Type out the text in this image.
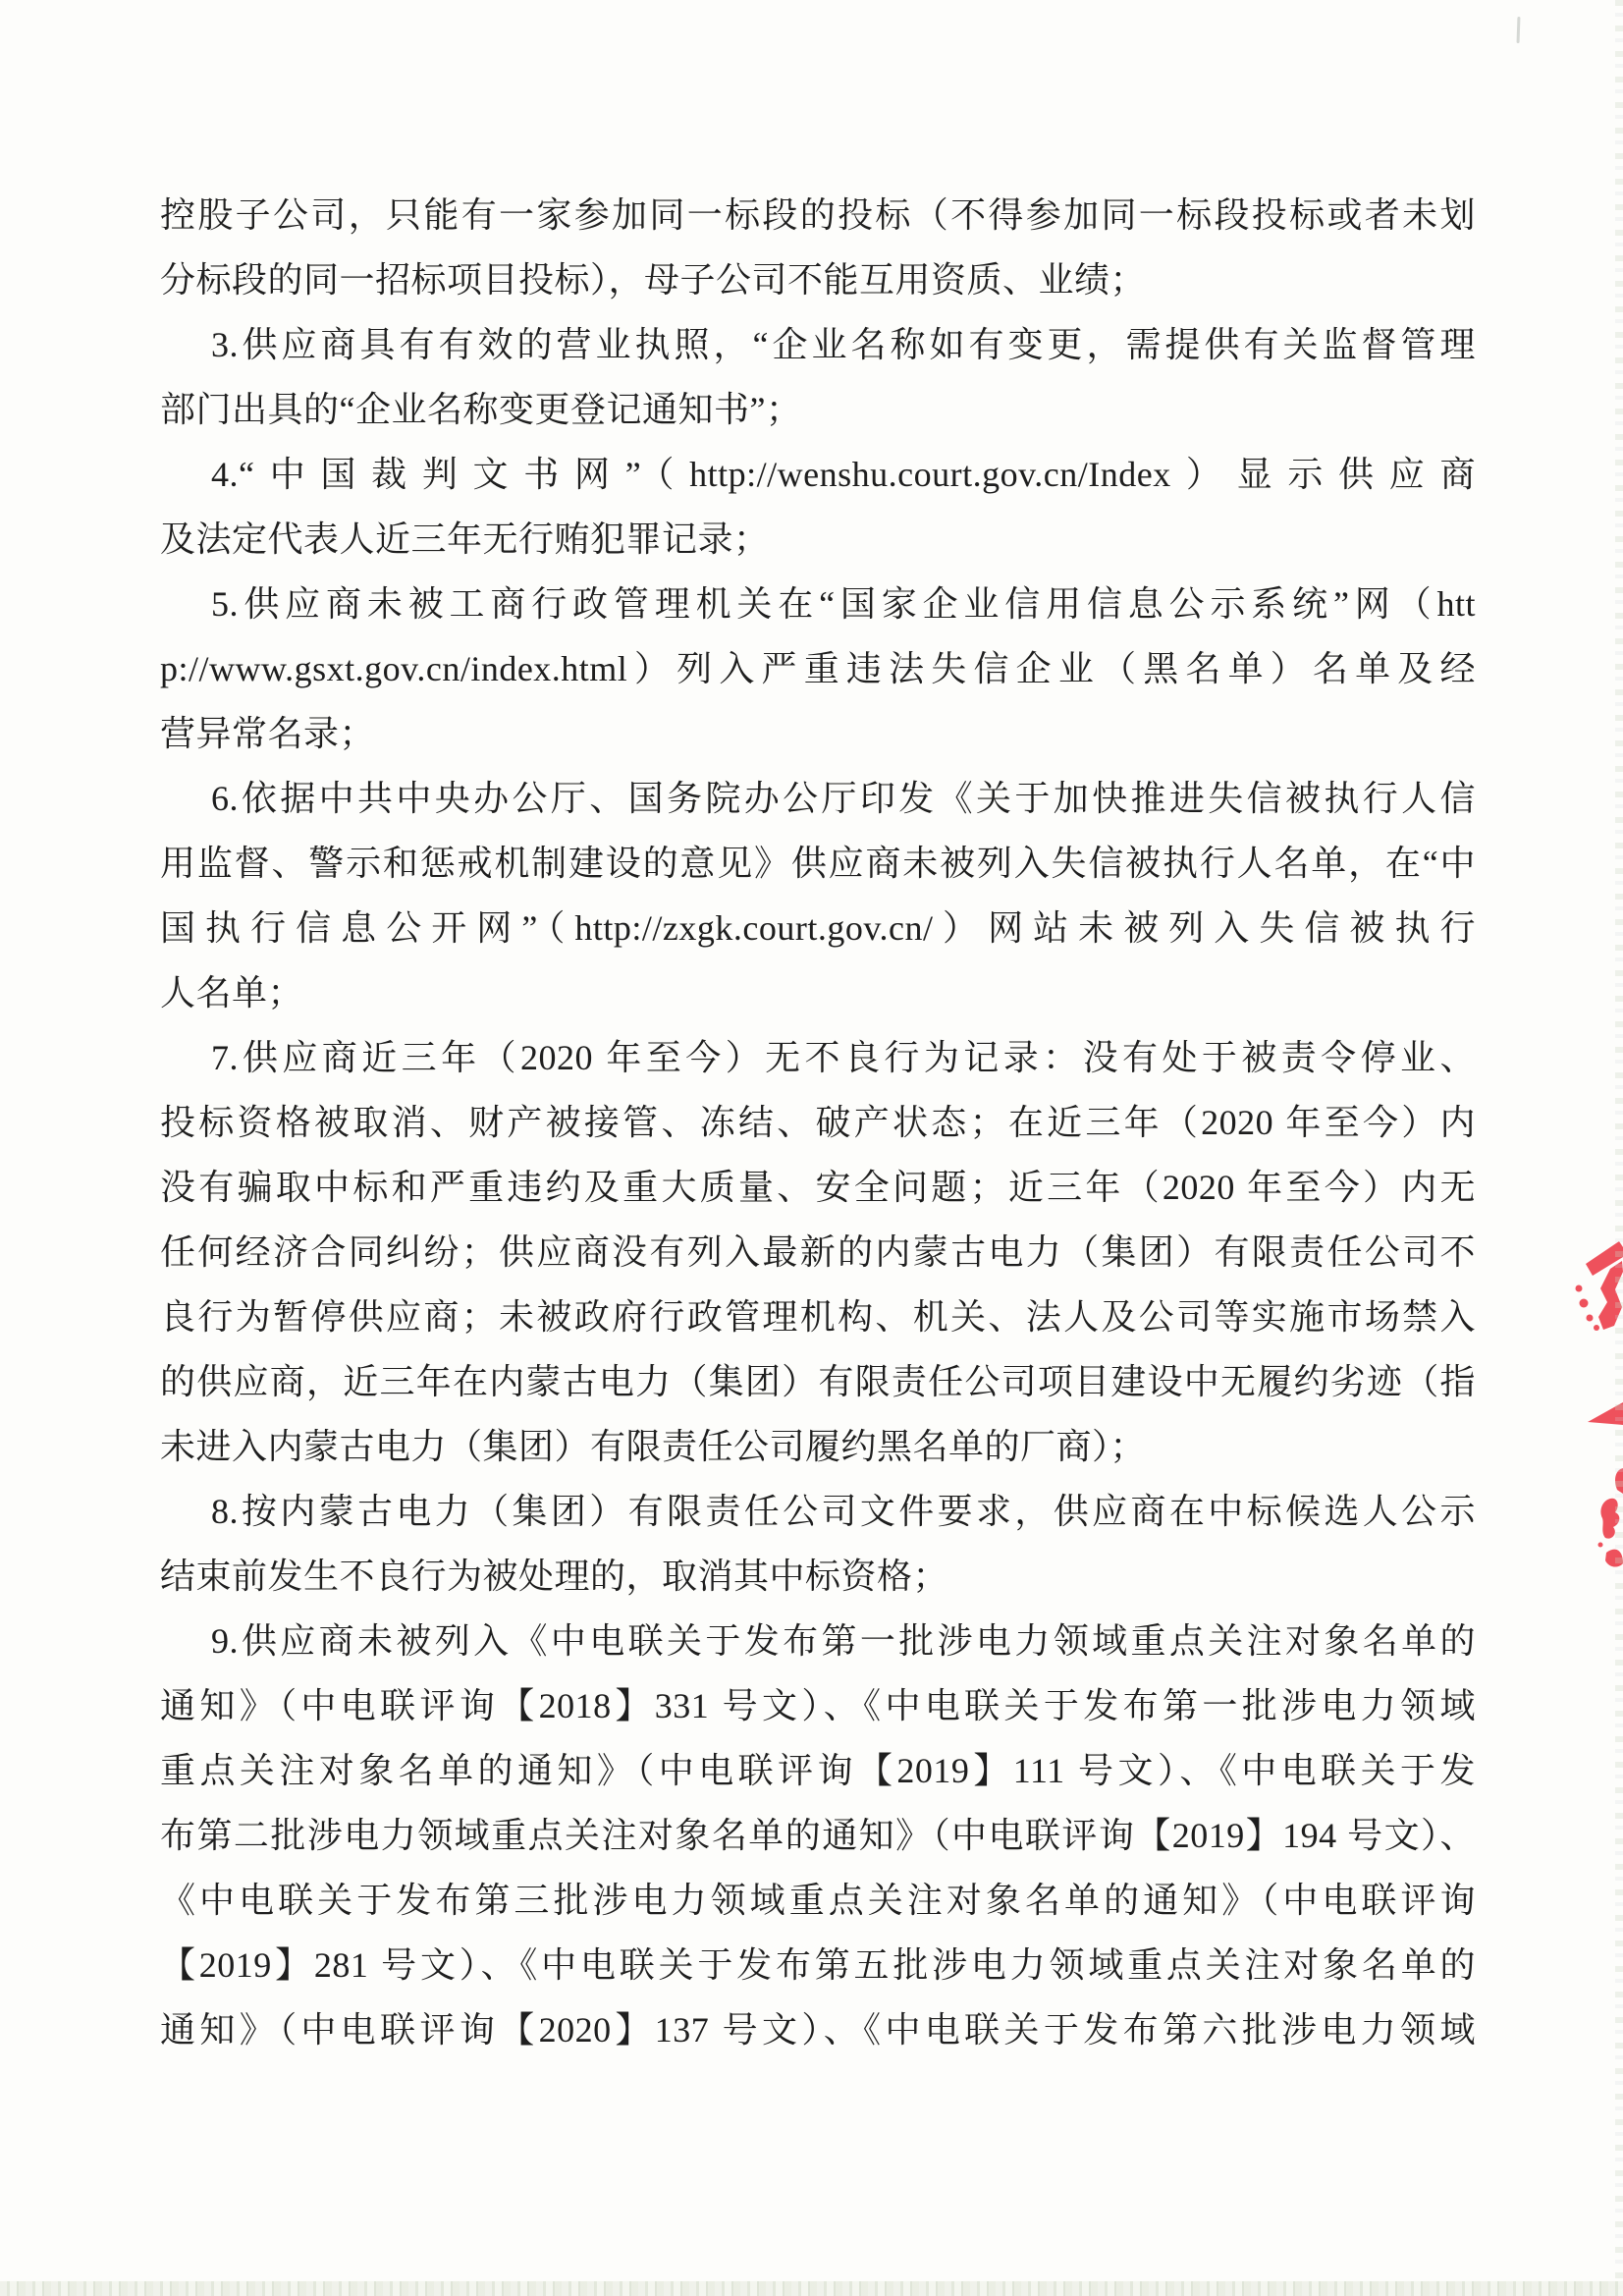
控股子公司，只能有一家参加同一标段的投标（不得参加同一标段投标或者未划
分标段的同一招标项目投标），母子公司不能互用资质、业绩；
3.供应商具有有效的营业执照，“企业名称如有变更，需提供有关监督管理
部门出具的“企业名称变更登记通知书”；
4.“中国裁判文书网”（http://wenshu.court.gov.cn/Index）显示供应商
及法定代表人近三年无行贿犯罪记录；
5.供应商未被工商行政管理机关在“国家企业信用信息公示系统”网（htt
p://www.gsxt.gov.cn/index.html）列入严重违法失信企业（黑名单）名单及经
营异常名录；
6.依据中共中央办公厅、国务院办公厅印发《关于加快推进失信被执行人信
用监督、警示和惩戒机制建设的意见》供应商未被列入失信被执行人名单，在“中
国执行信息公开网”（http://zxgk.court.gov.cn/）网站未被列入失信被执行
人名单；
7.供应商近三年（2020 年至今）无不良行为记录：没有处于被责令停业、
投标资格被取消、财产被接管、冻结、破产状态；在近三年（2020 年至今）内
没有骗取中标和严重违约及重大质量、安全问题；近三年（2020 年至今）内无
任何经济合同纠纷；供应商没有列入最新的内蒙古电力（集团）有限责任公司不
良行为暂停供应商；未被政府行政管理机构、机关、法人及公司等实施市场禁入
的供应商，近三年在内蒙古电力（集团）有限责任公司项目建设中无履约劣迹（指
未进入内蒙古电力（集团）有限责任公司履约黑名单的厂商）；
8.按内蒙古电力（集团）有限责任公司文件要求，供应商在中标候选人公示
结束前发生不良行为被处理的，取消其中标资格；
9.供应商未被列入《中电联关于发布第一批涉电力领域重点关注对象名单的
通知》（中电联评询【2018】331 号文）、《中电联关于发布第一批涉电力领域
重点关注对象名单的通知》（中电联评询【2019】111 号文）、《中电联关于发
布第二批涉电力领域重点关注对象名单的通知》（中电联评询【2019】194 号文）、
《中电联关于发布第三批涉电力领域重点关注对象名单的通知》（中电联评询
【2019】281 号文）、《中电联关于发布第五批涉电力领域重点关注对象名单的
通知》（中电联评询【2020】137 号文）、《中电联关于发布第六批涉电力领域
